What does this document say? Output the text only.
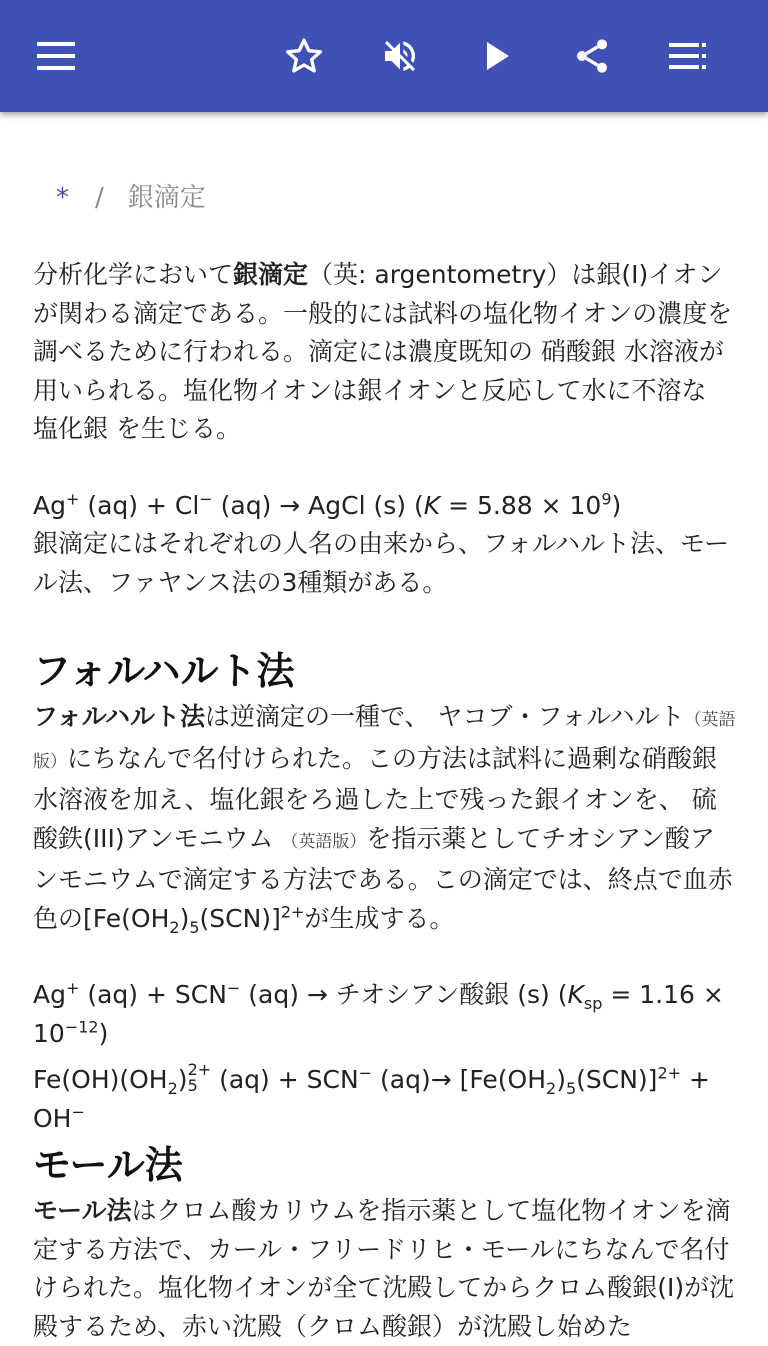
* / 銀滴定

分析化学において銀滴定（英: argentometry）は銀(I)イオンが関わる滴定である。一般的には試料の塩化物イオンの濃度を調べるために行われる。滴定には濃度既知の 硝酸銀 水溶液が用いられる。塩化物イオンは銀イオンと反応して水に不溶な 塩化銀 を生じる。

Ag+ (aq) + Cl− (aq) → AgCl (s) $(K = 5.88 \times 10^9)$

銀滴定にはそれぞれの人名の由来から、フォルハルト法、モール法、ファヤンス法の3種類がある。

フォルハルト法

フォルハルト法は逆滴定の一種で、 ヤコブ・フォルハルト（英語版）にちなんで名付けられた。この方法は試料に過剰な硝酸銀水溶液を加え、塩化銀をろ過した上で残った銀イオンを、 硫酸鉄(III)アンモニウム （英語版）を指示薬としてチオシアン酸アンモニウムで滴定する方法である。この滴定では、終点で血赤色の$[Fe(OH_2)_5(SCN)]^{2+}$が生成する。

Ag+ (aq) + SCN− (aq) → チオシアン酸銀 (s) $(K_{sp} = 1.16 \times 10^{-12})$

$Fe(OH)(OH_2)$ 2+
5 (aq) + SCN− $(aq)\to [Fe(OH_2)_5(SCN)]^{2+} + OH^-$

モール法

モール法はクロム酸カリウムを指示薬として塩化物イオンを滴定する方法で、カール・フリードリヒ・モールにちなんで名付けられた。塩化物イオンが全て沈殿してからクロム酸銀(I)が沈殿するため、赤い沈殿（クロム酸銀）が沈殿し始めた
